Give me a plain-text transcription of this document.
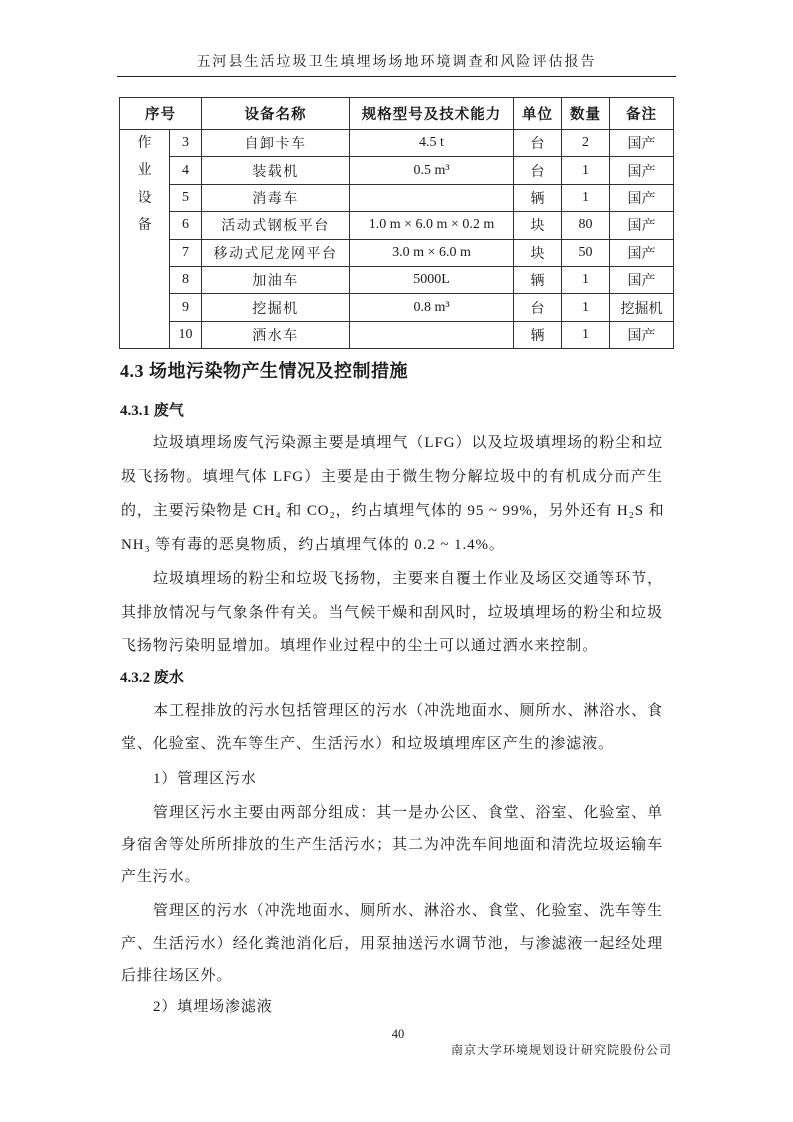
五河县生活垃圾卫生填埋场场地环境调查和风险评估报告
序号		设备名称	规格型号及技术能力	单位	数量	备注

作
业
设
备	3	自卸卡车	4.5 t	台	2	国产
	4	装载机	0.5 m³	台	1	国产
	5	消毒车		辆	1	国产
	6	活动式钢板平台	1.0 m × 6.0 m × 0.2 m	块	80	国产
	7	移动式尼龙网平台	3.0 m × 6.0 m	块	50	国产
	8	加油车	5000L	辆	1	国产
	9	挖掘机	0.8 m³	台	1	挖掘机
	10	洒水车		辆	1	国产
4.3 场地污染物产生情况及控制措施
4.3.1 废气
垃圾填埋场废气污染源主要是填埋气（LFG）以及垃圾填埋场的粉尘和垃
圾飞扬物。填埋气体 LFG）主要是由于微生物分解垃圾中的有机成分而产生
的，主要污染物是 CH₄ 和 CO₂，约占填埋气体的 95 ~ 99%，另外还有 H₂S 和
NH₃ 等有毒的恶臭物质，约占填埋气体的 0.2 ~ 1.4%。
垃圾填埋场的粉尘和垃圾飞扬物，主要来自覆土作业及场区交通等环节，
其排放情况与气象条件有关。当气候干燥和刮风时，垃圾填埋场的粉尘和垃圾
飞扬物污染明显增加。填埋作业过程中的尘土可以通过洒水来控制。
4.3.2 废水
本工程排放的污水包括管理区的污水（冲洗地面水、厕所水、淋浴水、食
堂、化验室、洗车等生产、生活污水）和垃圾填埋库区产生的渗滤液。
1）管理区污水
管理区污水主要由两部分组成：其一是办公区、食堂、浴室、化验室、单
身宿舍等处所所排放的生产生活污水；其二为冲洗车间地面和清洗垃圾运输车
产生污水。
管理区的污水（冲洗地面水、厕所水、淋浴水、食堂、化验室、洗车等生
产、生活污水）经化粪池消化后，用泵抽送污水调节池，与渗滤液一起经处理
后排往场区外。
2）填埋场渗滤液
40
南京大学环境规划设计研究院股份公司
